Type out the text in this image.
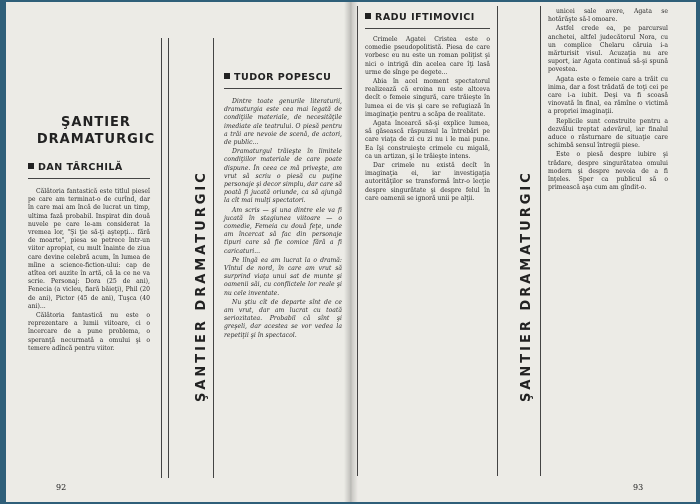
ŞANTIER
DRAMATURGIC
DAN TÂRCHILĂ

Călătoria fantastică este titlul pieseî pe care am terminat-o de curînd, dar în care mai am încă de lucrat un timp, ultima fază probabil. Inspirat din două nuvele pe care le-am considerat la vremea lor, "Şi ţie să-ţi aştepţi... fără de moarte", piesa se petrece într-un viitor apropiat, cu mult înainte de ziua care devine celebră acum, în lumea de mîine a science-fiction-ului: cap de atîtea ori auzite în artă, că la ce ne va scrie. Personaj: Dora (25 de ani), Fenecia (a vicleu, fiară băieţi), Phil (20 de ani), Pictor (45 de ani), Tuşca (40 ani)...

Călătoria fantastică nu este o reprezentare a lumii viitoare, ci o încercare de a pune problema, o speranţă necurmată a omului şi o temere adîncă pentru viitor.	ŞANTIER DRAMATURGIC
TUDOR POPESCU

Dintre toate genurile literaturii, dramaturgia este cea mai legată de condiţiile materiale, de necesităţile imediate ale teatrului. O piesă pentru a trăi are nevoie de scenă, de actori, de public...

Dramaturgul trăieşte în limitele condiţiilor materiale de care poate dispune. În ceea ce mă priveşte, am vrut să scriu o piesă cu puţine personaje şi decor simplu, dar care să poată fi jucată oriunde, ca să ajungă la cît mai mulţi spectatori.

Am scris — şi una dintre ele va fi jucată în stagiunea viitoare — o comedie, Femeia cu două feţe, unde am încercat să fac din personaje tipuri care să fie comice fără a fi caricaturi...

Pe lîngă ea am lucrat la o dramă: Vîntul de nord, în care am vrut să surprind viaţa unui sat de munte şi oamenii săi, cu conflictele lor reale şi nu cele inventate.

Nu ştiu cît de departe sînt de ce am vrut, dar am lucrat cu toată seriozitatea. Probabil că sînt şi greşeli, dar acestea se vor vedea la repetiţii şi în spectacol.

92
RADU IFTIMOVICI

Crimele Agatei Cristea este o comedie pseudopolitistă. Piesa de care vorbesc eu nu este un roman poliţist şi nici o intrigă din acelea care îţi lasă urme de sînge pe degete...

Abia în acel moment spectatorul realizează că eroina nu este altceva decît o femeie singură, care trăieşte în lumea ei de vis şi care se refugiază în imaginaţie pentru a scăpa de realitate.

Agata încearcă să-şi explice lumea, să găsească răspunsul la întrebări pe care viaţa de zi cu zi nu i le mai pune. Ea îşi construieşte crimele cu migală, ca un artizan, şi le trăieşte intens.

Dar crimele nu există decît în imaginaţia ei, iar investigaţia autorităţilor se transformă într-o lecţie despre singurătate şi despre felul în care oamenii se ignoră unii pe alţii.	ŞANTIER DRAMATURGIC

unicei sale avere, Agata se hotărăşte să-l omoare.

Astfel crede ea, pe parcursul anchetei, altfel judecătorul Nora, cu un complice Chelaru căruia i-a mărturisit visul. Acuzaţia nu are suport, iar Agata continuă să-şi spună povestea.

Agata este o femeie care a trăit cu inima, dar a fost trădată de toţi cei pe care i-a iubit. Deşi va fi scoasă vinovată în final, ea rămîne o victimă a propriei imaginaţii.

Replicile sunt construite pentru a dezvălui treptat adevărul, iar finalul aduce o răsturnare de situaţie care schimbă sensul întregii piese.

Este o piesă despre iubire şi trădare, despre singurătatea omului modern şi despre nevoia de a fi înţeles. Sper ca publicul să o primească aşa cum am gîndit-o.

93
